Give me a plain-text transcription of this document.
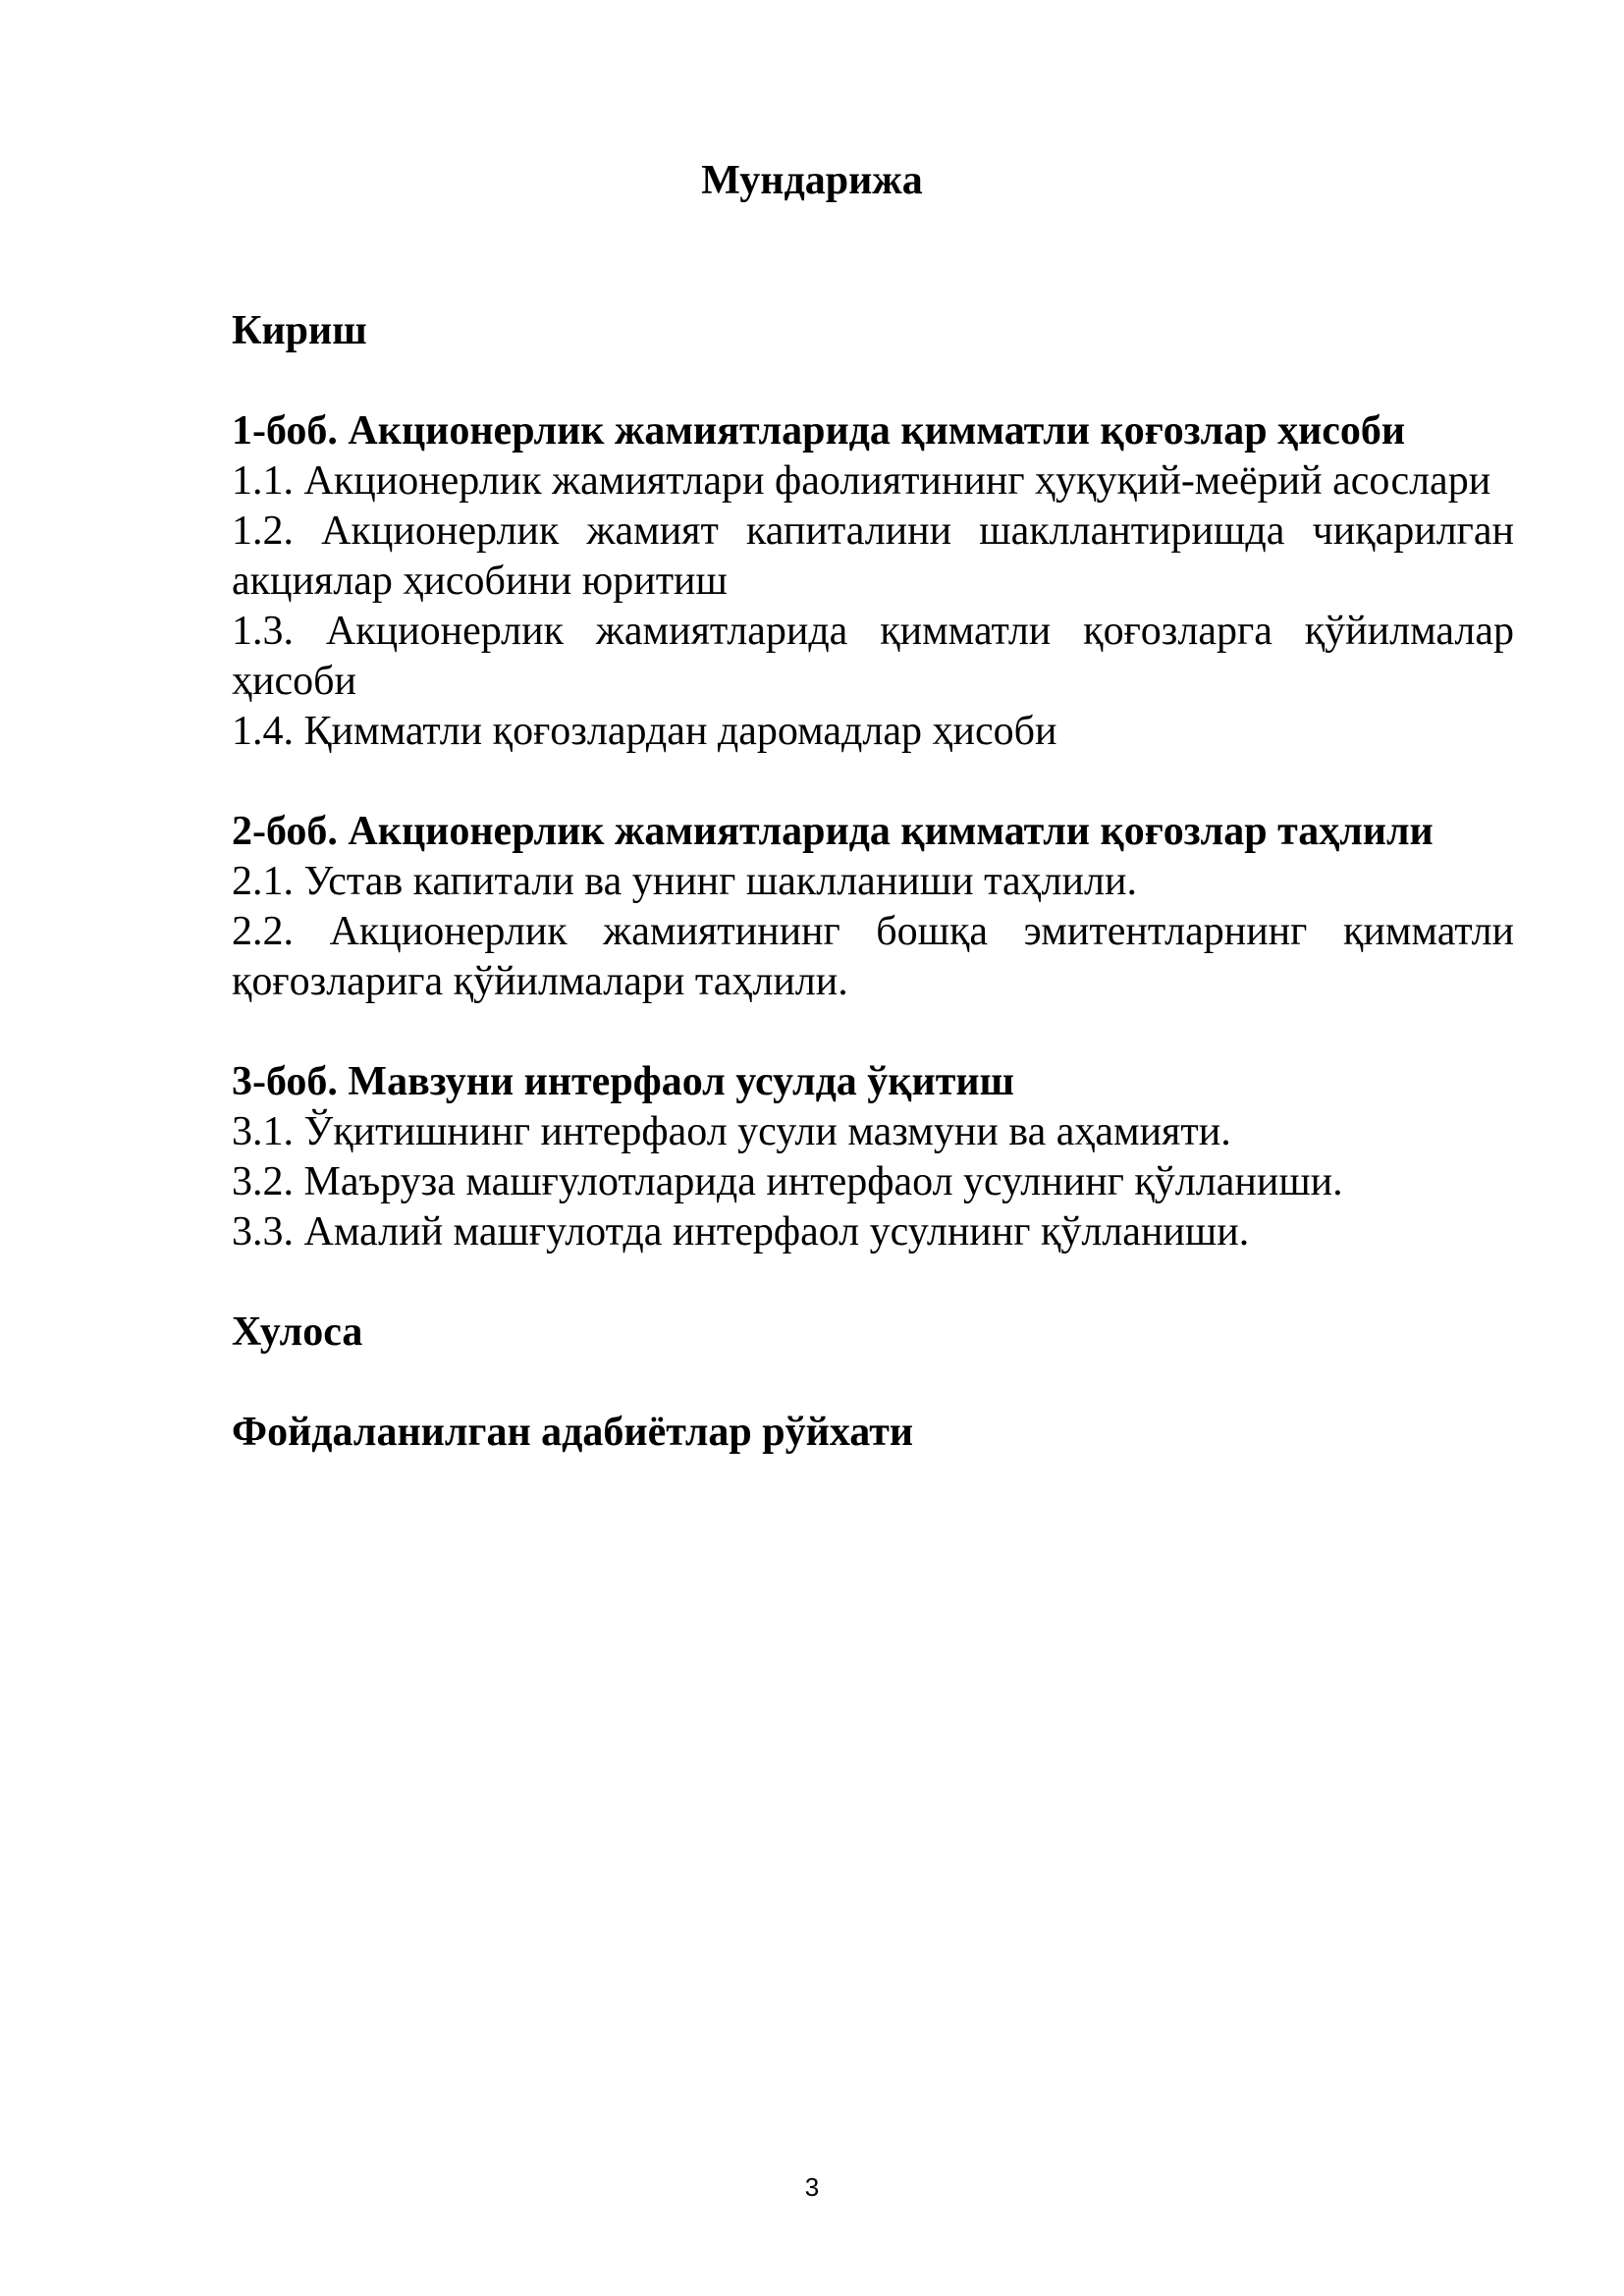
Мундарижа

Кириш

1-боб. Акционерлик жамиятларида қимматли қоғозлар ҳисоби

1.1. Акционерлик жамиятлари фаолиятининг ҳуқуқий-меёрий асослари

1.2. Акционерлик жамият капиталини шакллантиришда чиқарилган акциялар ҳисобини юритиш

1.3. Акционерлик жамиятларида қимматли қоғозларга қўйилмалар ҳисоби

1.4. Қимматли қоғозлардан даромадлар ҳисоби

2-боб. Акционерлик жамиятларида қимматли қоғозлар таҳлили

2.1. Устав капитали ва унинг шаклланиши таҳлили.

2.2. Акционерлик жамиятининг бошқа эмитентларнинг қимматли қоғозларига қўйилмалари таҳлили.

3-боб. Мавзуни интерфаол усулда ўқитиш

3.1. Ўқитишнинг интерфаол усули мазмуни ва аҳамияти.

3.2. Маъруза машғулотларида интерфаол усулнинг қўлланиши.

3.3. Амалий машғулотда интерфаол усулнинг қўлланиши.

Хулоса

Фойдаланилган адабиётлар рўйхати

3
